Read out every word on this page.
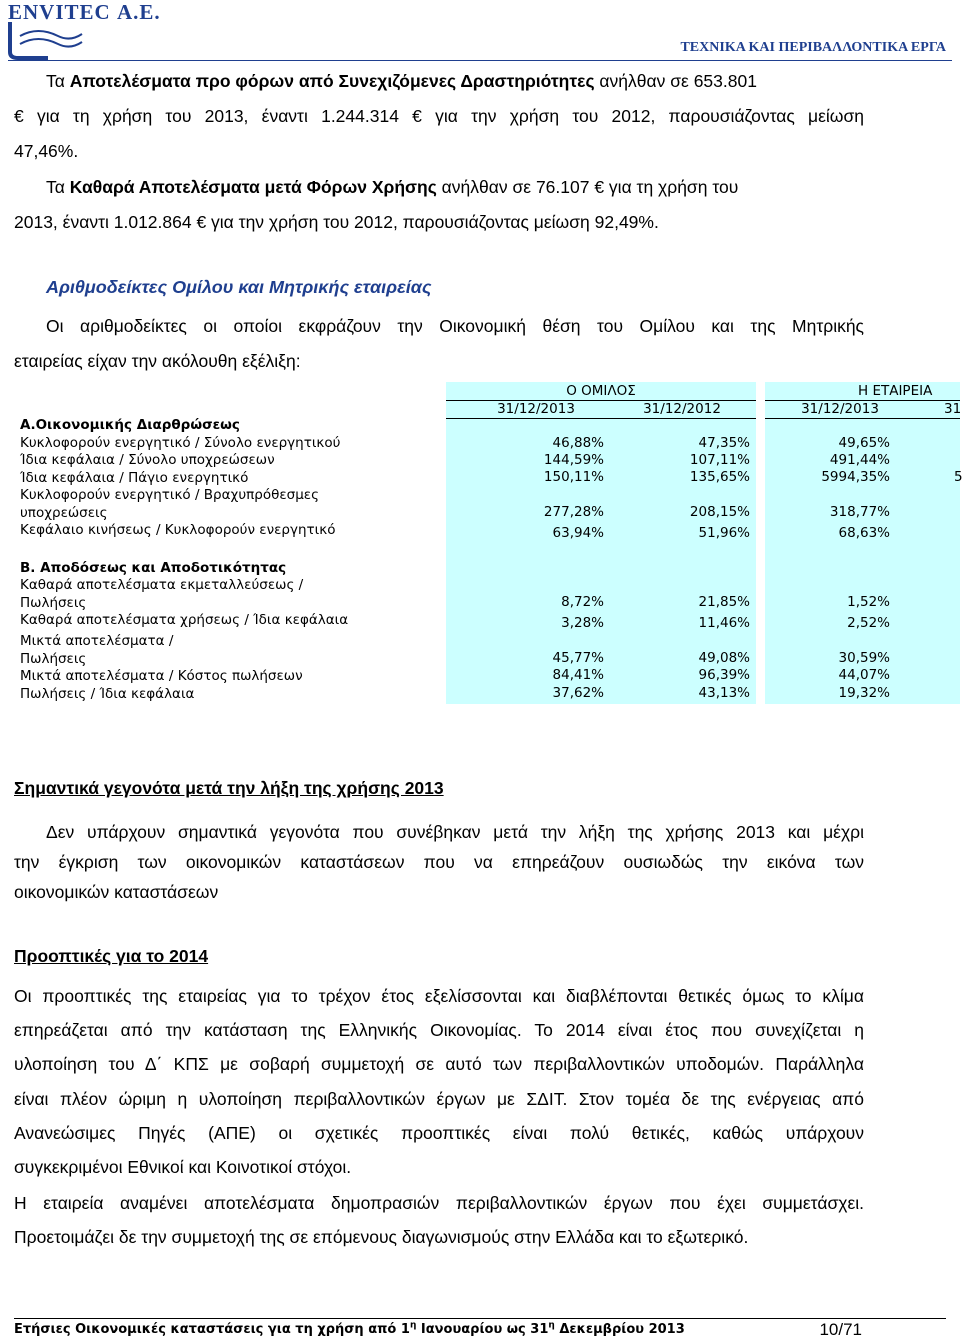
ENVITEC Α.Ε.
ΤΕΧΝΙΚΑ ΚΑΙ ΠΕΡΙΒΑΛΛΟΝΤΙΚΑ ΕΡΓΑ
Τα Αποτελέσματα προ φόρων από Συνεχιζόμενες Δραστηριότητες ανήλθαν σε 653.801
€ για τη χρήση του 2013, έναντι 1.244.314 € για την χρήση του 2012, παρουσιάζοντας μείωση
47,46%.
Τα Καθαρά Αποτελέσματα μετά Φόρων Χρήσης ανήλθαν σε 76.107 € για τη χρήση του
2013, έναντι 1.012.864 € για την χρήση του 2012, παρουσιάζοντας μείωση 92,49%.
Αριθμοδείκτες Ομίλου και Μητρικής εταιρείας
Οι αριθμοδείκτες οι οποίοι εκφράζουν την Οικονομική θέση του Ομίλου και της Μητρικής
εταιρείας είχαν την ακόλουθη εξέλιξη:
Ο ΟΜΙΛΟΣ	Η ΕΤΑΙΡΕΙΑ
31/12/2013	31/12/2012	31/12/2013	31
Α.Οικονομικής Διαρθρώσεως
Κυκλοφορούν ενεργητικό / Σύνολο ενεργητικού	46,88%	47,35%	49,65%
Ίδια κεφάλαια / Σύνολο υποχρεώσεων	144,59%	107,11%	491,44%
Ίδια κεφάλαια / Πάγιο ενεργητικό	150,11%	135,65%	5994,35%	5
Κυκλοφορούν ενεργητικό / Βραχυπρόθεσμες
υποχρεώσεις	277,28%	208,15%	318,77%
Κεφάλαιο κινήσεως / Κυκλοφορούν ενεργητικό	63,94%	51,96%	68,63%
Β. Αποδόσεως και Αποδοτικότητας
Καθαρά αποτελέσματα εκμεταλλεύσεως /
Πωλήσεις	8,72%	21,85%	1,52%
Καθαρά αποτελέσματα χρήσεως / Ίδια κεφάλαια	3,28%	11,46%	2,52%
Μικτά αποτελέσματα /
Πωλήσεις	45,77%	49,08%	30,59%
Μικτά αποτελέσματα / Κόστος πωλήσεων	84,41%	96,39%	44,07%
Πωλήσεις / Ίδια κεφάλαια	37,62%	43,13%	19,32%
Σημαντικά γεγονότα μετά την λήξη της χρήσης 2013
Δεν υπάρχουν σημαντικά γεγονότα που συνέβηκαν μετά την λήξη της χρήσης 2013 και μέχρι
την έγκριση των οικονομικών καταστάσεων που να επηρεάζουν ουσιωδώς την εικόνα των
οικονομικών καταστάσεων
Προοπτικές για το 2014
Οι προοπτικές της εταιρείας για το τρέχον έτος εξελίσσονται και διαβλέπονται θετικές όμως το κλίμα
επηρεάζεται από την κατάσταση της Ελληνικής Οικονομίας. Το 2014 είναι έτος που συνεχίζεται η
υλοποίηση του Δ΄ ΚΠΣ με σοβαρή συμμετοχή σε αυτό των περιβαλλοντικών υποδομών. Παράλληλα
είναι πλέον ώριμη η υλοποίηση περιβαλλοντικών έργων με ΣΔΙΤ. Στον τομέα δε της ενέργειας από
Ανανεώσιμες Πηγές (ΑΠΕ) οι σχετικές προοπτικές είναι πολύ θετικές, καθώς υπάρχουν
συγκεκριμένοι Εθνικοί και Κοινοτικοί στόχοι.
Η εταιρεία αναμένει αποτελέσματα δημοπρασιών περιβαλλοντικών έργων που έχει συμμετάσχει.
Προετοιμάζει δε την συμμετοχή της σε επόμενους διαγωνισμούς στην Ελλάδα και το εξωτερικό.
Ετήσιες Οικονομικές καταστάσεις για τη χρήση από $1^\eta$ Ιανουαρίου ως $31^\eta$ Δεκεμβρίου 2013	10/71
